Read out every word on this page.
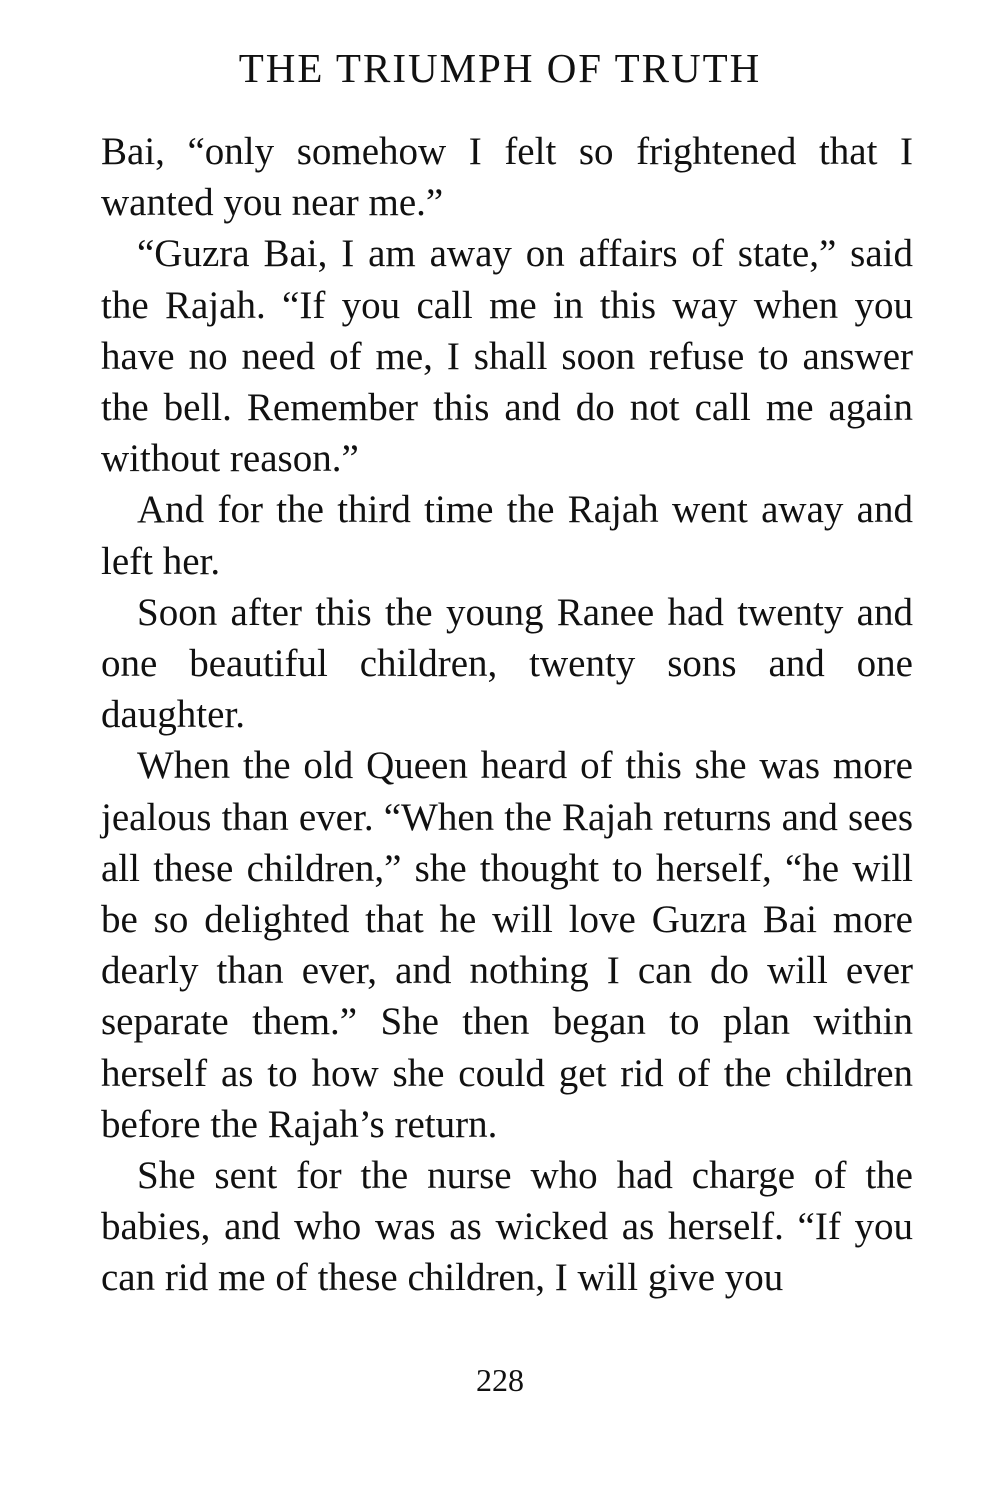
THE TRIUMPH OF TRUTH

Bai, “only somehow I felt so frightened that I wanted you near me.”

“Guzra Bai, I am away on affairs of state,” said the Rajah. “If you call me in this way when you have no need of me, I shall soon refuse to answer the bell. Remember this and do not call me again without reason.”

And for the third time the Rajah went away and left her.

Soon after this the young Ranee had twenty and one beautiful children, twenty sons and one daughter.

When the old Queen heard of this she was more jealous than ever. “When the Rajah returns and sees all these children,” she thought to herself, “he will be so delighted that he will love Guzra Bai more dearly than ever, and nothing I can do will ever separate them.” She then began to plan within herself as to how she could get rid of the children before the Rajah’s return.

She sent for the nurse who had charge of the babies, and who was as wicked as herself. “If you can rid me of these children, I will give you

228
